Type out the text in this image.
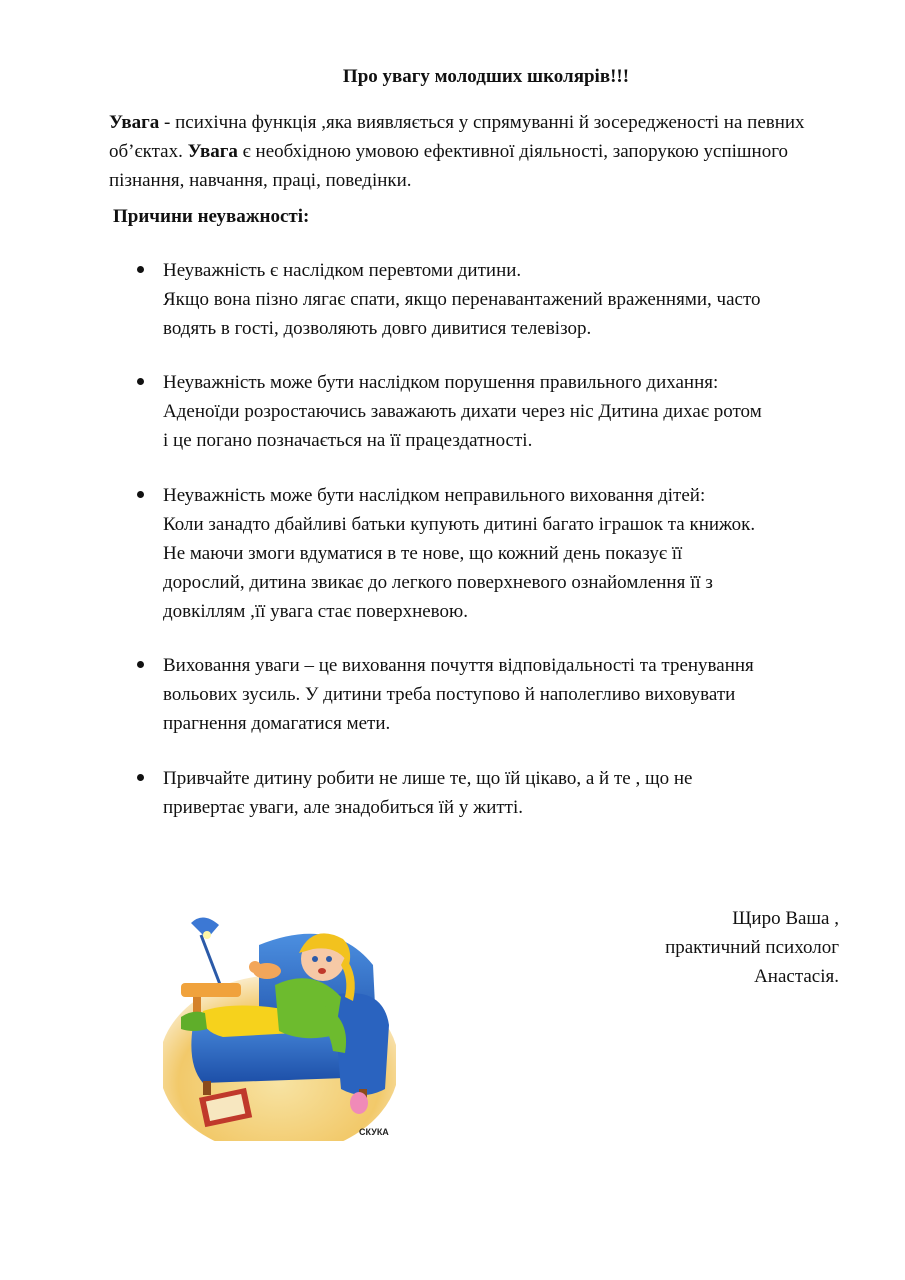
Про увагу молодших школярів!!!
Увага - психічна функція ,яка виявляється у спрямуванні й зосередженості на певних об’єктах. Увага є необхідною умовою ефективної діяльності, запорукою успішного пізнання, навчання, праці, поведінки.
Причини неуважності:
Неуважність є наслідком перевтоми дитини.
Якщо вона пізно лягає спати, якщо перенавантажений враженнями, часто
водять в гості, дозволяють довго дивитися телевізор.
Неуважність може бути наслідком порушення правильного дихання:
Аденоїди розростаючись заважають дихати через ніс Дитина дихає ротом
і це погано позначається на її працездатності.
Неуважність може бути наслідком неправильного виховання дітей:
Коли занадто дбайливі батьки купують дитині багато іграшок та книжок.
Не маючи змоги вдуматися в те нове, що кожний день показує її
дорослий, дитина звикає до легкого поверхневого ознайомлення її з
довкіллям ,її увага стає поверхневою.
Виховання уваги – це виховання почуття відповідальності та тренування
вольових зусиль. У дитини треба поступово й наполегливо виховувати
прагнення домагатися мети.
Привчайте дитину робити не лише те, що їй цікаво, а й те , що не
привертає уваги, але знадобиться їй у житті.
СКУКА
Щиро Ваша ,
практичний психолог
Анастасія.
